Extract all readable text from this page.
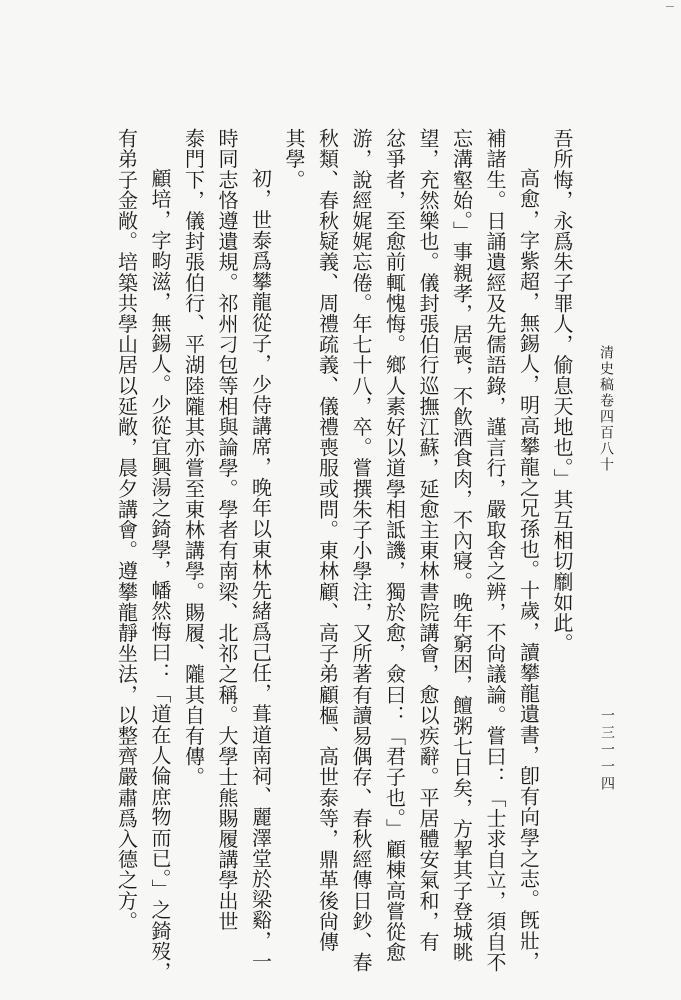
清史稿卷四百八十
一三一一四

吾所悔，永爲朱子罪人，偷息天地也。」其互相切劘如此。

高愈，字紫超，無錫人，明高攀龍之兄孫也。十歲，讀攀龍遺書，卽有向學之志。旣壯，

補諸生。日誦遺經及先儒語錄，謹言行，嚴取舍之辨，不尙議論。嘗曰：「士求自立，須自不

忘溝壑始。」事親孝，居喪，不飮酒食肉，不內寢。晚年窮困，饘粥七日矣，方挈其子登城眺

望，充然樂也。儀封張伯行巡撫江蘇，延愈主東林書院講會，愈以疾辭。平居體安氣和，有

忿爭者，至愈前輒愧悔。鄉人素好以道學相詆譏，獨於愈，僉曰：「君子也。」顧棟高嘗從愈

游，說經娓娓忘倦。年七十八，卒。嘗撰朱子小學注，又所著有讀易偶存、春秋經傳日鈔、春

秋類、春秋疑義、周禮疏義、儀禮喪服或問。東林顧、高子弟顧樞、高世泰等，鼎革後尙傳

其學。

初，世泰爲攀龍從子，少侍講席，晚年以東林先緒爲己任，葺道南祠、麗澤堂於梁谿，一

時同志恪遵遺規。祁州刁包等相與論學。學者有南梁、北祁之稱。大學士熊賜履講學出世

泰門下，儀封張伯行、平湖陸隴其亦嘗至東林講學。賜履、隴其自有傳。

顧培，字畇滋，無錫人。少從宜興湯之錡學，幡然悔曰：「道在人倫庶物而已。」之錡歿，

有弟子金敞。培築共學山居以延敞，晨夕講會。遵攀龍靜坐法，以整齊嚴肅爲入德之方。
